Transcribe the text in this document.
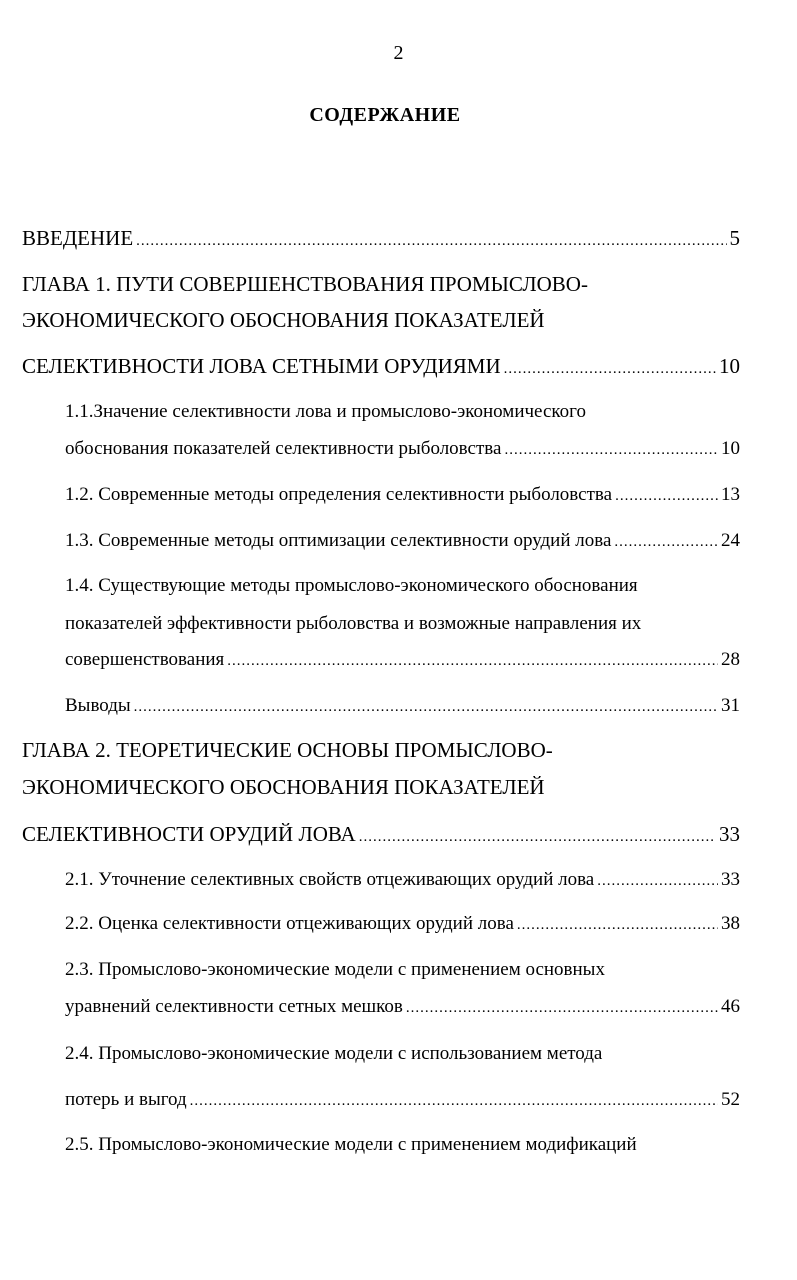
2
СОДЕРЖАНИЕ
ВВЕДЕНИЕ .....	5
ГЛАВА 1. ПУТИ СОВЕРШЕНСТВОВАНИЯ ПРОМЫСЛОВО-
ЭКОНОМИЧЕСКОГО ОБОСНОВАНИЯ ПОКАЗАТЕЛЕЙ
СЕЛЕКТИВНОСТИ ЛОВА СЕТНЫМИ ОРУДИЯМИ .....	10
1.1.Значение селективности лова и промыслово-экономического
обоснования показателей селективности рыболовства .....	10
1.2. Современные методы определения селективности рыболовства .....	13
1.3. Современные методы оптимизации селективности орудий лова .....	24
1.4. Существующие методы промыслово-экономического обоснования
показателей эффективности рыболовства и возможные направления их
совершенствования .....	28
Выводы .....	31
ГЛАВА 2. ТЕОРЕТИЧЕСКИЕ ОСНОВЫ ПРОМЫСЛОВО-
ЭКОНОМИЧЕСКОГО ОБОСНОВАНИЯ ПОКАЗАТЕЛЕЙ
СЕЛЕКТИВНОСТИ ОРУДИЙ ЛОВА .....	33
2.1. Уточнение селективных свойств отцеживающих орудий лова .....	33
2.2. Оценка селективности отцеживающих орудий лова .....	38
2.3. Промыслово-экономические модели с применением основных
уравнений селективности сетных мешков .....	46
2.4. Промыслово-экономические модели с использованием метода
потерь и выгод .....	52
2.5. Промыслово-экономические модели с применением модификаций
